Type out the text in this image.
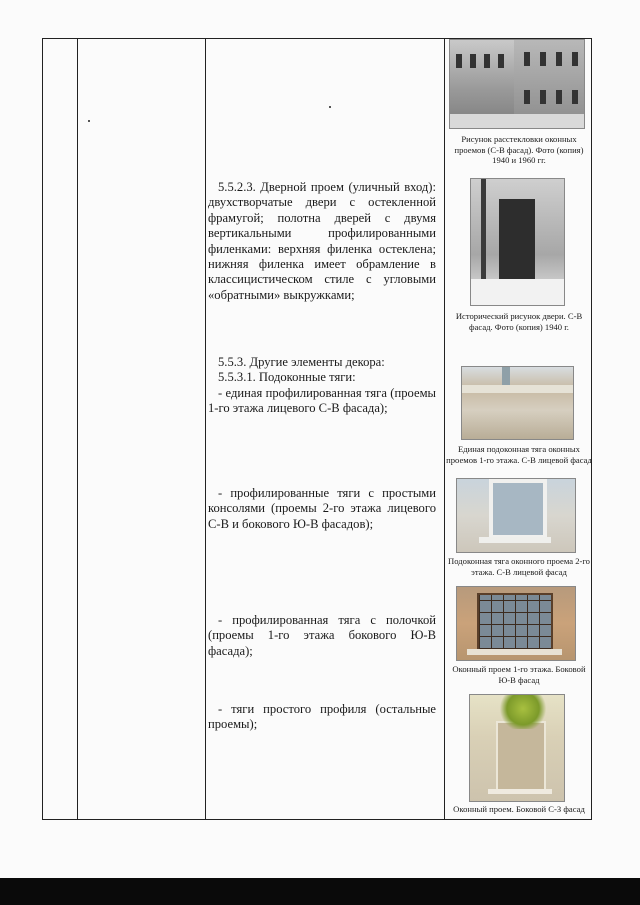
Рисунок расстекловки оконных проемов (С-В фасад). Фото (копия) 1940 и 1960 гг.

5.5.2.3. Дверной проем (уличный вход): двухстворчатые двери с остекленной фрамугой; полотна дверей с двумя вертикальными профилированными филенками: верхняя филенка остеклена; нижняя филенка имеет обрамление в классицистическом стиле с угловыми «обратными» выкружками;

Исторический рисунок двери. С-В фасад. Фото (копия) 1940 г.

5.5.3. Другие элементы декора:

5.5.3.1. Подоконные тяги:

- единая профилированная тяга (проемы 1-го этажа лицевого С-В фасада);

Единая подоконная тяга оконных проемов 1-го этажа. С-В лицевой фасад

- профилированные тяги с простыми консолями (проемы 2-го этажа лицевого С-В и бокового Ю-В фасадов);

Подоконная тяга оконного проема 2-го этажа. С-В лицевой фасад

- профилированная тяга с полочкой (проемы 1-го этажа бокового Ю-В фасада);

Оконный проем 1-го этажа. Боковой Ю-В фасад

- тяги простого профиля (остальные проемы);

Оконный проем. Боковой С-З фасад
